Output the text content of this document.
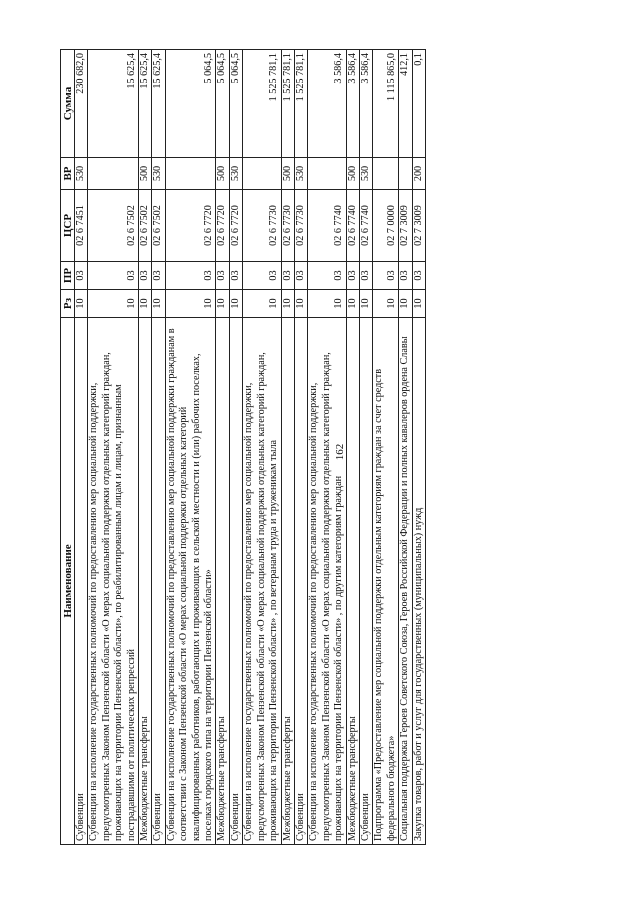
162
Наименование	Рз	ПР	ЦСР	ВР	Сумма
Субвенции	10	03	02 6 7451	530	230 682,0
Субвенции на исполнение государственных полномочий по предоставлению мер социальной поддержки, предусмотренных Законом Пензенской области «О мерах социальной поддержки отдельных категорий граждан, проживающих на территории Пензенской области», по реабилитированным лицам и лицам, признанным пострадавшими от политических репрессий	10	03	02 6 7502		15 625,4
Межбюджетные трансферты	10	03	02 6 7502	500	15 625,4
Субвенции	10	03	02 6 7502	530	15 625,4
Субвенции на исполнение государственных полномочий по предоставлению мер социальной поддержки гражданам в соответствии с Законом Пензенской области «О мерах социальной поддержки отдельных категорий квалифицированных работников, работающих и проживающих в сельской местности и (или) рабочих поселках, поселках городского типа на территории Пензенской области»	10	03	02 6 7720		5 064,5
Межбюджетные трансферты	10	03	02 6 7720	500	5 064,5
Субвенции	10	03	02 6 7720	530	5 064,5
Субвенции на исполнение государственных полномочий по предоставлению мер социальной поддержки, предусмотренных Законом Пензенской области «О мерах социальной поддержки отдельных категорий граждан, проживающих на территории Пензенской области» , по ветеранам труда и труженикам тыла	10	03	02 6 7730		1 525 781,1
Межбюджетные трансферты	10	03	02 6 7730	500	1 525 781,1
Субвенции	10	03	02 6 7730	530	1 525 781,1
Субвенции на исполнение государственных полномочий по предоставлению мер социальной поддержки, предусмотренных Законом Пензенской области «О мерах социальной поддержки отдельных категорий граждан, проживающих на территории Пензенской области» , по другим категориям граждан	10	03	02 6 7740		3 586,4
Межбюджетные трансферты	10	03	02 6 7740	500	3 586,4
Субвенции	10	03	02 6 7740	530	3 586,4
Подпрограмма «Предоставление мер социальной поддержки отдельным категориям граждан за счет средств федерального бюджета»	10	03	02 7 0000		1 115 865,0
Социальная поддержка Героев Советского Союза, Героев Российской Федерации и полных кавалеров ордена Славы	10	03	02 7 3009		412,1
Закупка товаров, работ и услуг для государственных (муниципальных) нужд	10	03	02 7 3009	200	0,1
